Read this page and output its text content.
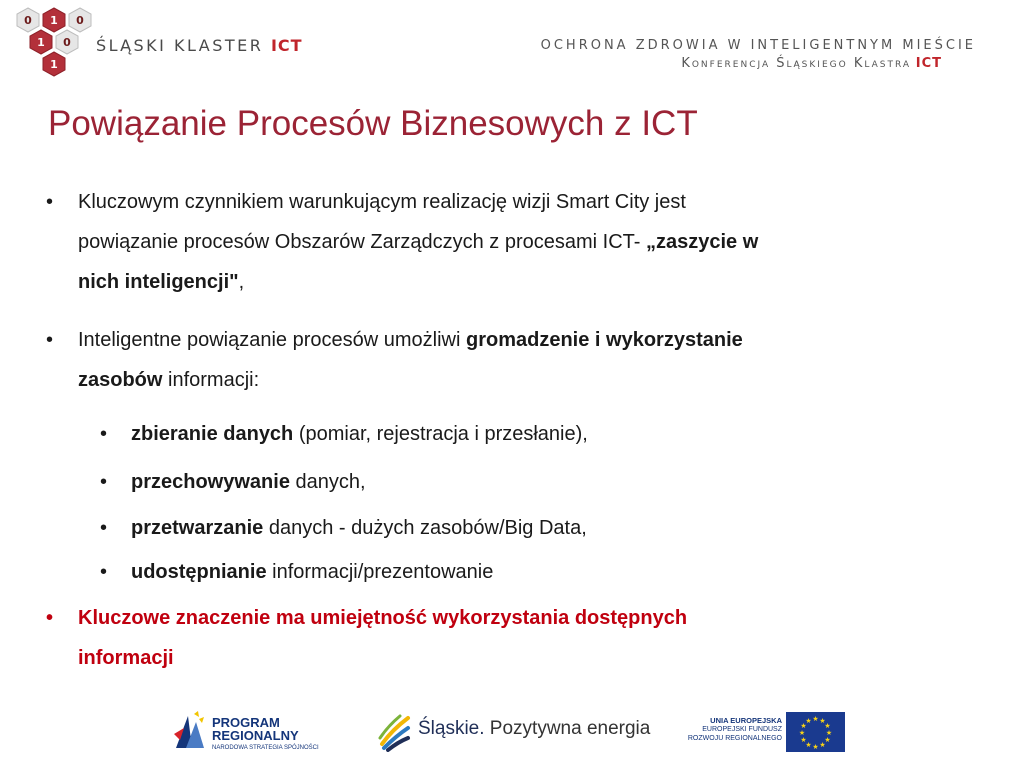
0 1 0
1 0
1
ŚLĄSKI KLASTER ICT	OCHRONA ZDROWIA W INTELIGENTNYM MIEŚCIE
Konferencja Śląskiego Klastra ICT
Powiązanie Procesów Biznesowych z ICT
• Kluczowym czynnikiem warunkującym realizację wizji Smart City jest
powiązanie procesów Obszarów Zarządczych z procesami ICT- „zaszycie w
nich inteligencji",
• Inteligentne powiązanie procesów umożliwi gromadzenie i wykorzystanie
zasobów informacji:
• zbieranie danych (pomiar, rejestracja i przesłanie),
• przechowywanie danych,
• przetwarzanie danych - dużych zasobów/Big Data,
• udostępnianie informacji/prezentowanie
• Kluczowe znaczenie ma umiejętność wykorzystania dostępnych
informacji
PROGRAM
REGIONALNY
NARODOWA STRATEGIA SPÓJNOŚCI
Śląskie. Pozytywna energia	UNIA EUROPEJSKA
EUROPEJSKI FUNDUSZ
ROZWOJU REGIONALNEGO
★ ★
★
★
★
★
★
★
★
★
★
★
